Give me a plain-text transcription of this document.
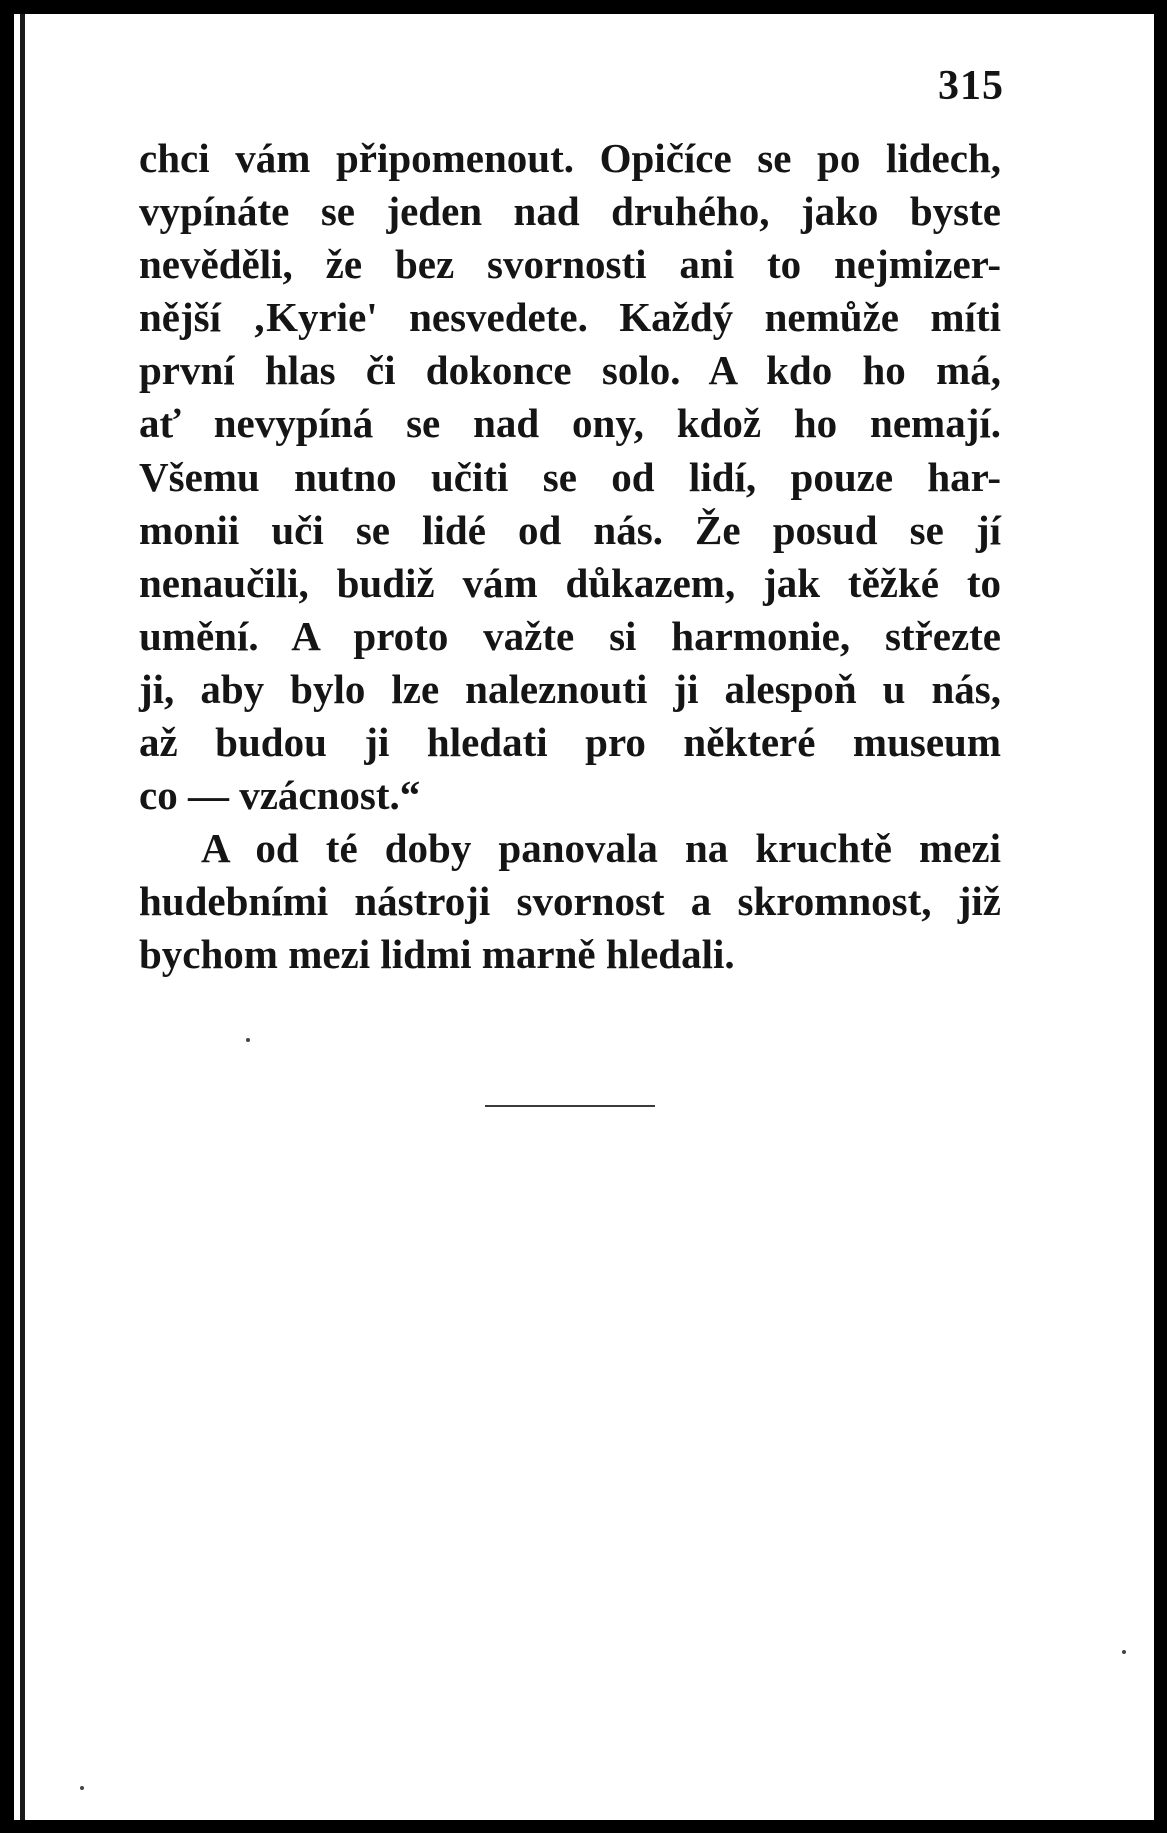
315
chci vám připomenout. Opičíce se po lidech,
vypínáte se jeden nad druhého, jako byste
nevěděli, že bez svornosti ani to nejmizer-
nější ‚Kyrie' nesvedete. Každý nemůže míti
první hlas či dokonce solo. A kdo ho má,
ať nevypíná se nad ony, kdož ho nemají.
Všemu nutno učiti se od lidí, pouze har-
monii uči se lidé od nás. Že posud se jí
nenaučili, budiž vám důkazem, jak těžké to
umění. A proto važte si harmonie, střezte
ji, aby bylo lze naleznouti ji alespoň u nás,
až budou ji hledati pro některé museum
co — vzácnost.“
A od té doby panovala na kruchtě mezi
hudebními nástroji svornost a skromnost, již
bychom mezi lidmi marně hledali.
